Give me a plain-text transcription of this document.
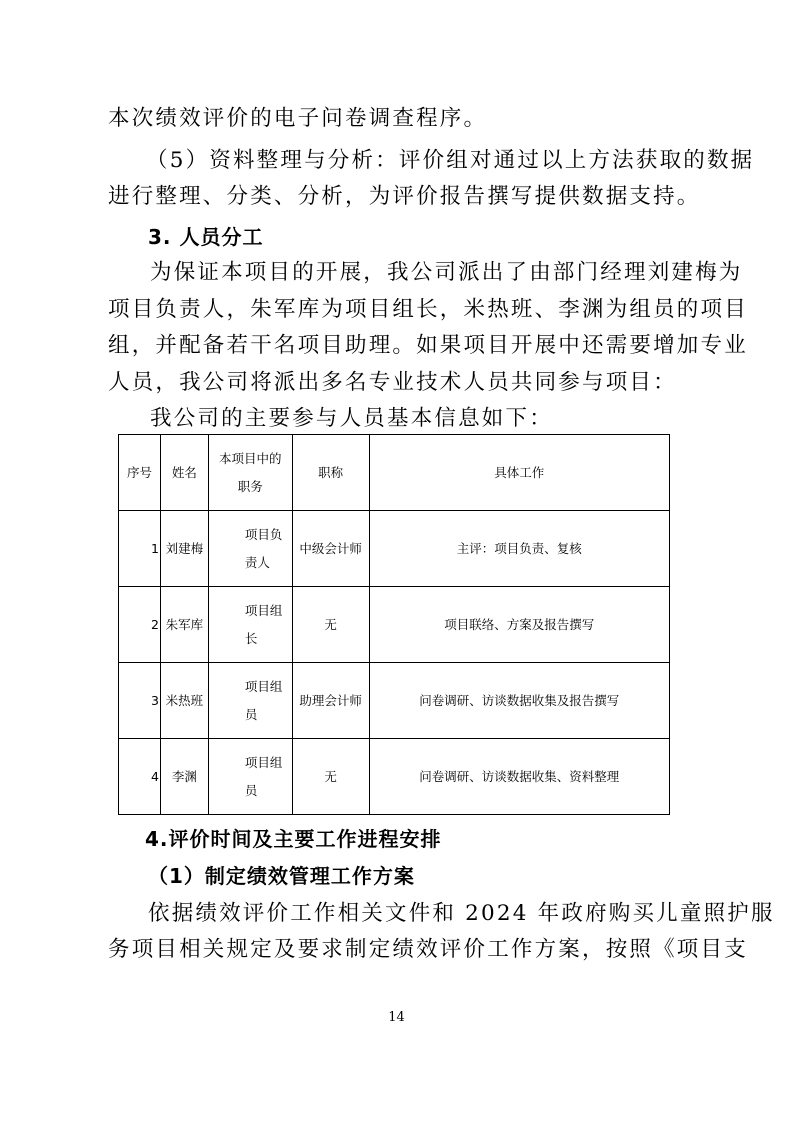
本次绩效评价的电子问卷调查程序。
（5）资料整理与分析：评价组对通过以上方法获取的数据
进行整理、分类、分析，为评价报告撰写提供数据支持。
3. 人员分工
为保证本项目的开展，我公司派出了由部门经理刘建梅为
项目负责人，朱军库为项目组长，米热班、李渊为组员的项目
组，并配备若干名项目助理。如果项目开展中还需要增加专业
人员，我公司将派出多名专业技术人员共同参与项目：
我公司的主要参与人员基本信息如下：
序号	姓名	本项目中的职务	职称	具体工作
1	刘建梅	项目负责人	中级会计师	主评：项目负责、复核
2	朱军库	项目组长	无	项目联络、方案及报告撰写
3	米热班	项目组员	助理会计师	问卷调研、访谈数据收集及报告撰写
4	李渊	项目组员	无	问卷调研、访谈数据收集、资料整理
4.评价时间及主要工作进程安排
（1）制定绩效管理工作方案
依据绩效评价工作相关文件和 2024 年政府购买儿童照护服
务项目相关规定及要求制定绩效评价工作方案，按照《项目支
14
